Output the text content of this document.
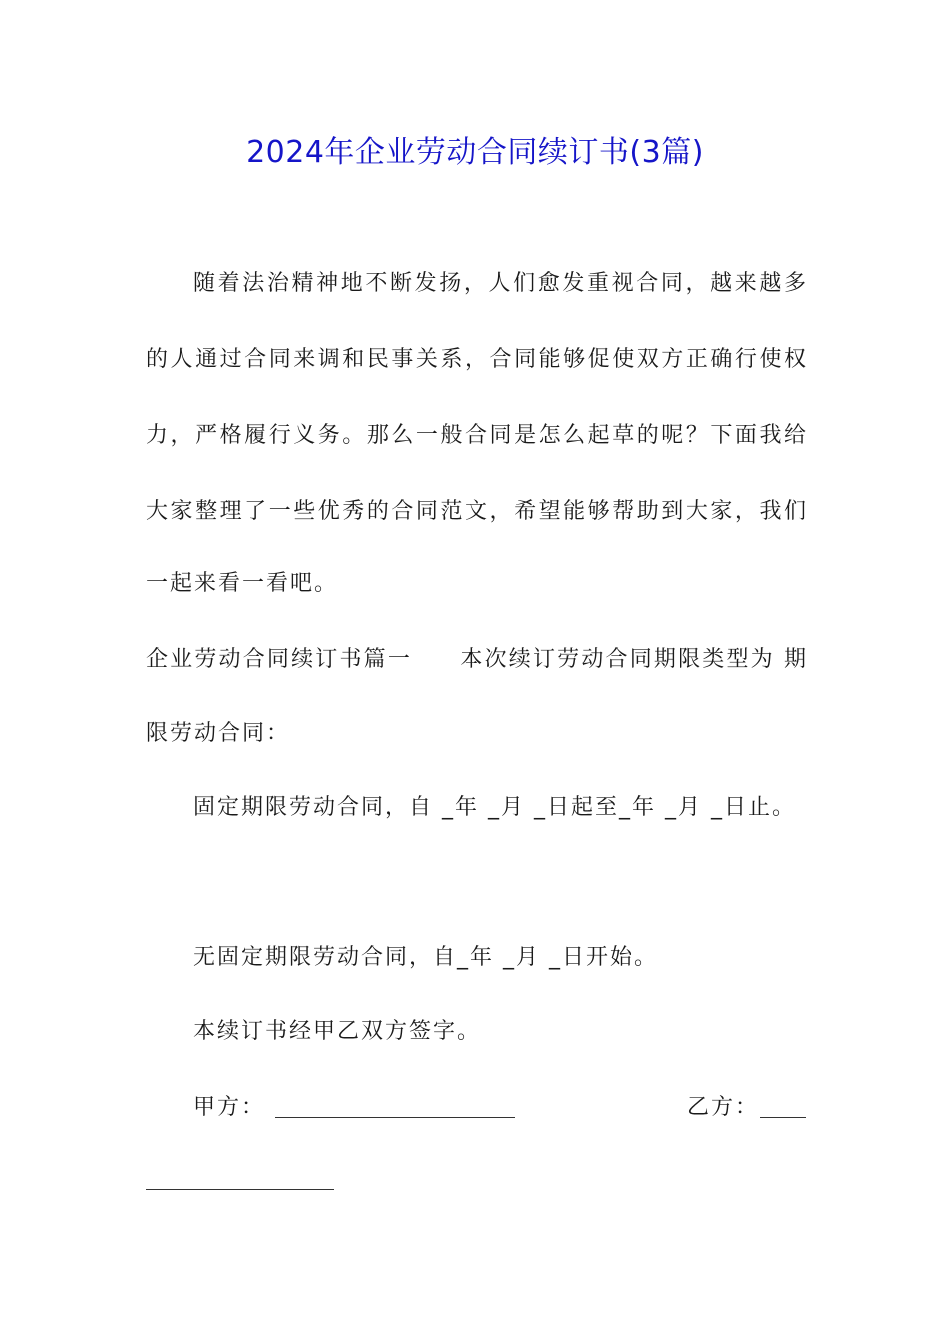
2024年企业劳动合同续订书(3篇)
随着法治精神地不断发扬，人们愈发重视合同，越来越多
的人通过合同来调和民事关系，合同能够促使双方正确行使权
力，严格履行义务。那么一般合同是怎么起草的呢？下面我给
大家整理了一些优秀的合同范文，希望能够帮助到大家，我们
一起来看一看吧。
企业劳动合同续订书篇一　　本次续订劳动合同期限类型为 期
限劳动合同：
固定期限劳动合同，自 _年 _月 _日起至_年 _月 _日止。
无固定期限劳动合同，自_年 _月 _日开始。
本续订书经甲乙双方签字。
甲方：	乙方：
